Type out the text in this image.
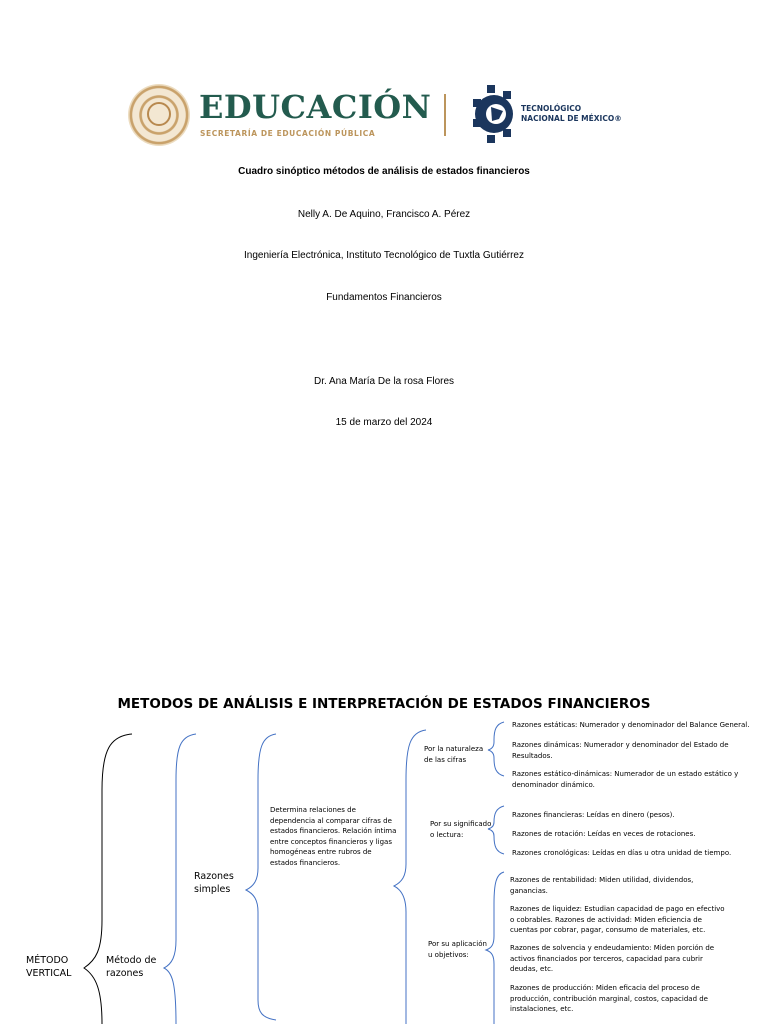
EDUCACIÓN
SECRETARÍA DE EDUCACIÓN PÚBLICA
TECNOLÓGICO
NACIONAL DE MÉXICO®
Cuadro sinóptico métodos de análisis de estados financieros
Nelly A. De Aquino, Francisco A. Pérez
Ingeniería Electrónica, Instituto Tecnológico de Tuxtla Gutiérrez
Fundamentos Financieros
Dr. Ana María De la rosa Flores
15 de marzo del 2024
METODOS DE ANÁLISIS E INTERPRETACIÓN DE ESTADOS FINANCIEROS
MÉTODO VERTICAL
Método de razones
Razones simples
Determina relaciones de dependencia al comparar cifras de estados financieros. Relación íntima entre conceptos financieros y ligas homogéneas entre rubros de estados financieros.
Por la naturaleza de las cifras
Por su significado o lectura:
Por su aplicación u objetivos:
Razones estáticas: Numerador y denominador del Balance General.
Razones dinámicas: Numerador y denominador del Estado de Resultados.
Razones estático-dinámicas: Numerador de un estado estático y denominador dinámico.
Razones financieras: Leídas en dinero (pesos).
Razones de rotación: Leídas en veces de rotaciones.
Razones cronológicas: Leídas en días u otra unidad de tiempo.
Razones de rentabilidad: Miden utilidad, dividendos, ganancias.
Razones de liquidez: Estudian capacidad de pago en efectivo o cobrables. Razones de actividad: Miden eficiencia de cuentas por cobrar, pagar, consumo de materiales, etc.
Razones de solvencia y endeudamiento: Miden porción de activos financiados por terceros, capacidad para cubrir deudas, etc.
Razones de producción: Miden eficacia del proceso de producción, contribución marginal, costos, capacidad de instalaciones, etc.
